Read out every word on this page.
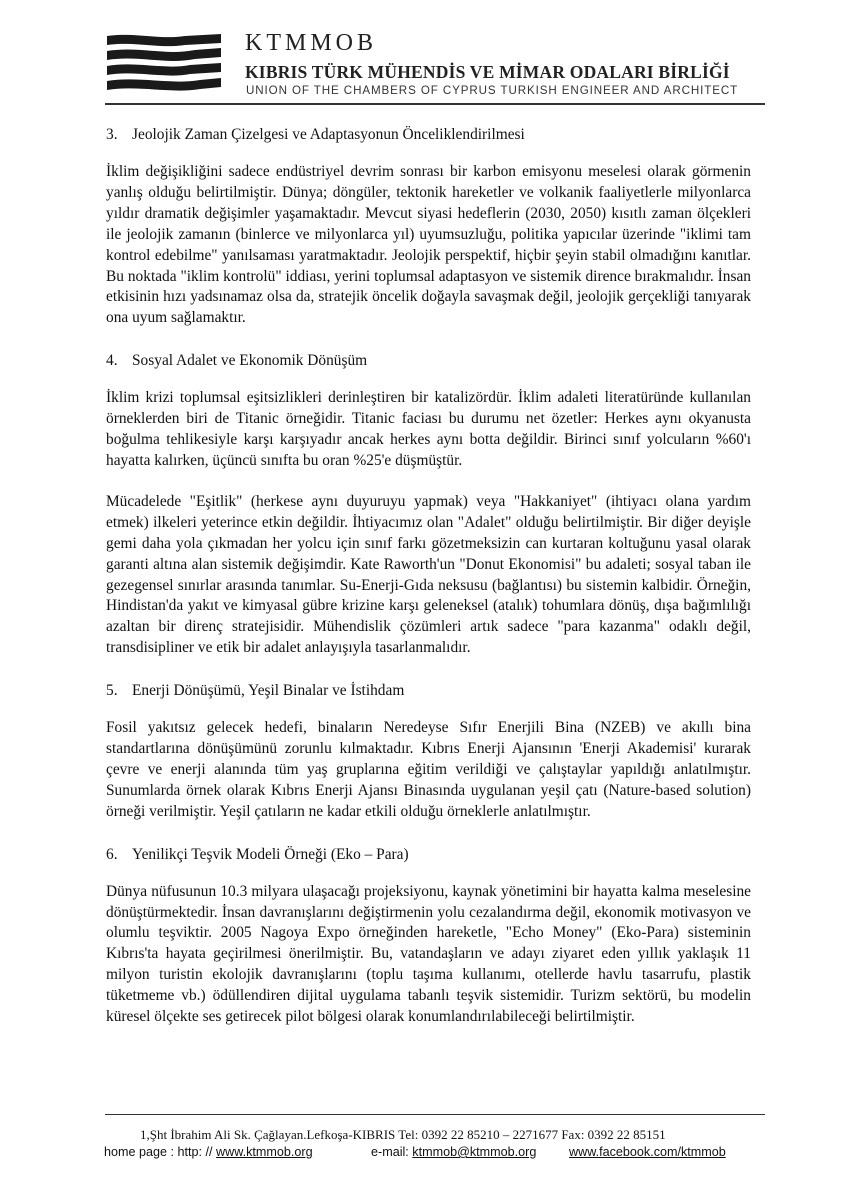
KTMMOB
KIBRIS TÜRK MÜHENDİS VE MİMAR ODALARI BİRLİĞİ
UNION OF THE CHAMBERS OF CYPRUS TURKISH ENGINEER AND ARCHITECT
3. Jeolojik Zaman Çizelgesi ve Adaptasyonun Önceliklendirilmesi

İklim değişikliğini sadece endüstriyel devrim sonrası bir karbon emisyonu meselesi olarak görmenin yanlış olduğu belirtilmiştir. Dünya; döngüler, tektonik hareketler ve volkanik faaliyetlerle milyonlarca yıldır dramatik değişimler yaşamaktadır. Mevcut siyasi hedeflerin (2030, 2050) kısıtlı zaman ölçekleri ile jeolojik zamanın (binlerce ve milyonlarca yıl) uyumsuzluğu, politika yapıcılar üzerinde "iklimi tam kontrol edebilme" yanılsaması yaratmaktadır. Jeolojik perspektif, hiçbir şeyin stabil olmadığını kanıtlar. Bu noktada "iklim kontrolü" iddiası, yerini toplumsal adaptasyon ve sistemik dirence bırakmalıdır. İnsan etkisinin hızı yadsınamaz olsa da, stratejik öncelik doğayla savaşmak değil, jeolojik gerçekliği tanıyarak ona uyum sağlamaktır.

4. Sosyal Adalet ve Ekonomik Dönüşüm

İklim krizi toplumsal eşitsizlikleri derinleştiren bir katalizördür. İklim adaleti literatüründe kullanılan örneklerden biri de Titanic örneğidir. Titanic faciası bu durumu net özetler: Herkes aynı okyanusta boğulma tehlikesiyle karşı karşıyadır ancak herkes aynı botta değildir. Birinci sınıf yolcuların %60'ı hayatta kalırken, üçüncü sınıfta bu oran %25'e düşmüştür.

Mücadelede "Eşitlik" (herkese aynı duyuruyu yapmak) veya "Hakkaniyet" (ihtiyacı olana yardım etmek) ilkeleri yeterince etkin değildir. İhtiyacımız olan "Adalet" olduğu belirtilmiştir. Bir diğer deyişle gemi daha yola çıkmadan her yolcu için sınıf farkı gözetmeksizin can kurtaran koltuğunu yasal olarak garanti altına alan sistemik değişimdir. Kate Raworth'un "Donut Ekonomisi" bu adaleti; sosyal taban ile gezegensel sınırlar arasında tanımlar. Su-Enerji-Gıda neksusu (bağlantısı) bu sistemin kalbidir. Örneğin, Hindistan'da yakıt ve kimyasal gübre krizine karşı geleneksel (atalık) tohumlara dönüş, dışa bağımlılığı azaltan bir direnç stratejisidir. Mühendislik çözümleri artık sadece "para kazanma" odaklı değil, transdisipliner ve etik bir adalet anlayışıyla tasarlanmalıdır.

5. Enerji Dönüşümü, Yeşil Binalar ve İstihdam

Fosil yakıtsız gelecek hedefi, binaların Neredeyse Sıfır Enerjili Bina (NZEB) ve akıllı bina standartlarına dönüşümünü zorunlu kılmaktadır. Kıbrıs Enerji Ajansının 'Enerji Akademisi' kurarak çevre ve enerji alanında tüm yaş gruplarına eğitim verildiği ve çalıştaylar yapıldığı anlatılmıştır. Sunumlarda örnek olarak Kıbrıs Enerji Ajansı Binasında uygulanan yeşil çatı (Nature-based solution) örneği verilmiştir. Yeşil çatıların ne kadar etkili olduğu örneklerle anlatılmıştır.

6. Yenilikçi Teşvik Modeli Örneği (Eko – Para)

Dünya nüfusunun 10.3 milyara ulaşacağı projeksiyonu, kaynak yönetimini bir hayatta kalma meselesine dönüştürmektedir. İnsan davranışlarını değiştirmenin yolu cezalandırma değil, ekonomik motivasyon ve olumlu teşviktir. 2005 Nagoya Expo örneğinden hareketle, "Echo Money" (Eko-Para) sisteminin Kıbrıs'ta hayata geçirilmesi önerilmiştir. Bu, vatandaşların ve adayı ziyaret eden yıllık yaklaşık 11 milyon turistin ekolojik davranışlarını (toplu taşıma kullanımı, otellerde havlu tasarrufu, plastik tüketmeme vb.) ödüllendiren dijital uygulama tabanlı teşvik sistemidir. Turizm sektörü, bu modelin küresel ölçekte ses getirecek pilot bölgesi olarak konumlandırılabileceği belirtilmiştir.

1,Şht İbrahim Ali Sk. Çağlayan.Lefkoşa-KIBRIS Tel: 0392 22 85210 – 2271677 Fax: 0392 22 85151
home page : http: // www.ktmmob.org	e-mail: ktmmob@ktmmob.org	www.facebook.com/ktmmob
